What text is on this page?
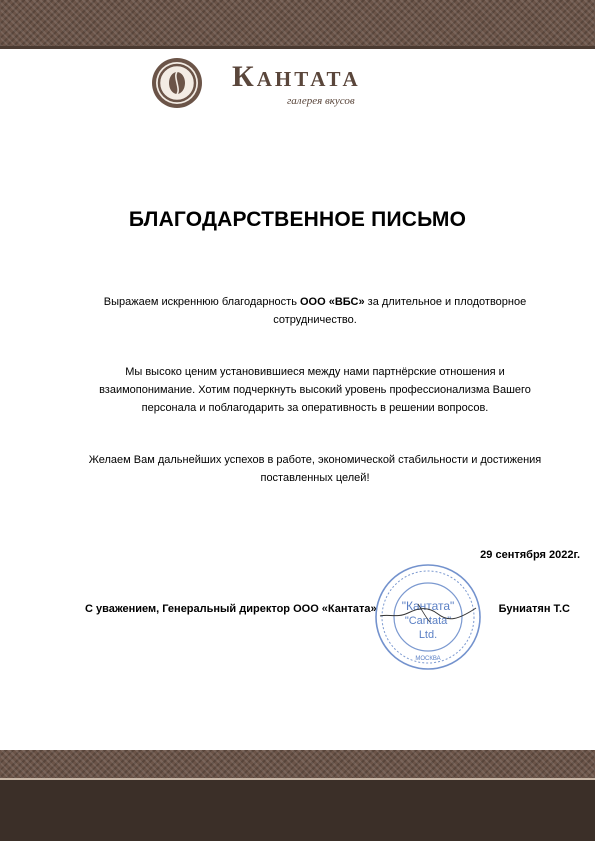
Кантата
галерея вкусов
БЛАГОДАРСТВЕННОЕ ПИСЬМО
Выражаем искреннюю благодарность ООО «ВБС» за длительное и плодотворное
сотрудничество.
Мы высоко ценим установившиеся между нами партнёрские отношения и
взаимопонимание. Хотим подчеркнуть высокий уровень профессионализма Вашего
персонала и поблагодарить за оперативность в решении вопросов.
Желаем Вам дальнейших успехов в работе, экономической стабильности и достижения
поставленных целей!
29 сентября 2022г.
С уважением, Генеральный директор ООО «Кантата»	"Кантата"
"Cantata"
Ltd.
МОСКВА
Буниатян Т.С
